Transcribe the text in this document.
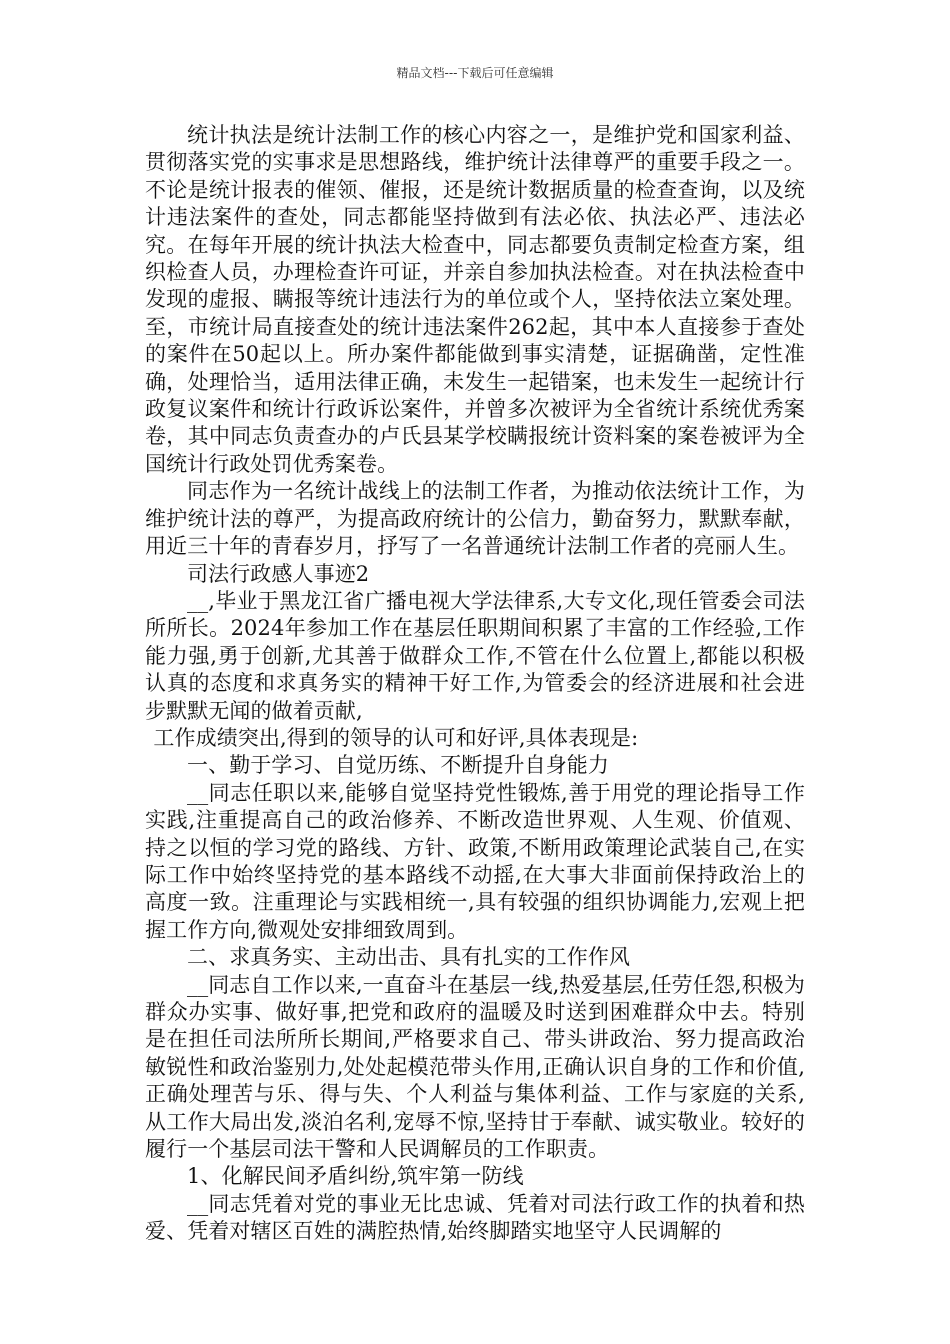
精品文档---下载后可任意编辑

统计执法是统计法制工作的核心内容之一，是维护党和国家利益、贯彻落实党的实事求是思想路线，维护统计法律尊严的重要手段之一。不论是统计报表的催领、催报，还是统计数据质量的检查查询，以及统计违法案件的查处，同志都能坚持做到有法必依、执法必严、违法必究。在每年开展的统计执法大检查中，同志都要负责制定检查方案，组织检查人员，办理检查许可证，并亲自参加执法检查。对在执法检查中发现的虚报、瞒报等统计违法行为的单位或个人，坚持依法立案处理。至，市统计局直接查处的统计违法案件262起，其中本人直接参于查处的案件在50起以上。所办案件都能做到事实清楚，证据确凿，定性准确，处理恰当，适用法律正确，未发生一起错案，也未发生一起统计行政复议案件和统计行政诉讼案件，并曾多次被评为全省统计系统优秀案卷，其中同志负责查办的卢氏县某学校瞒报统计资料案的案卷被评为全国统计行政处罚优秀案卷。

同志作为一名统计战线上的法制工作者，为推动依法统计工作，为维护统计法的尊严，为提高政府统计的公信力，勤奋努力，默默奉献，用近三十年的青春岁月，抒写了一名普通统计法制工作者的亮丽人生。

司法行政感人事迹2

__,毕业于黑龙江省广播电视大学法律系,大专文化,现任管委会司法所所长。2024年参加工作在基层任职期间积累了丰富的工作经验,工作能力强,勇于创新,尤其善于做群众工作,不管在什么位置上,都能以积极认真的态度和求真务实的精神干好工作,为管委会的经济进展和社会进步默默无闻的做着贡献,

工作成绩突出,得到的领导的认可和好评,具体表现是:

一、勤于学习、自觉历练、不断提升自身能力

__同志任职以来,能够自觉坚持党性锻炼,善于用党的理论指导工作实践,注重提高自己的政治修养、不断改造世界观、人生观、价值观、持之以恒的学习党的路线、方针、政策,不断用政策理论武装自己,在实际工作中始终坚持党的基本路线不动摇,在大事大非面前保持政治上的高度一致。注重理论与实践相统一,具有较强的组织协调能力,宏观上把握工作方向,微观处安排细致周到。

二、求真务实、主动出击、具有扎实的工作作风

__同志自工作以来,一直奋斗在基层一线,热爱基层,任劳任怨,积极为群众办实事、做好事,把党和政府的温暖及时送到困难群众中去。特别是在担任司法所所长期间,严格要求自己、带头讲政治、努力提高政治敏锐性和政治鉴别力,处处起模范带头作用,正确认识自身的工作和价值,正确处理苦与乐、得与失、个人利益与集体利益、工作与家庭的关系,从工作大局出发,淡泊名利,宠辱不惊,坚持甘于奉献、诚实敬业。较好的履行一个基层司法干警和人民调解员的工作职责。

1、化解民间矛盾纠纷,筑牢第一防线

__同志凭着对党的事业无比忠诚、凭着对司法行政工作的执着和热爱、凭着对辖区百姓的满腔热情,始终脚踏实地坚守人民调解的
